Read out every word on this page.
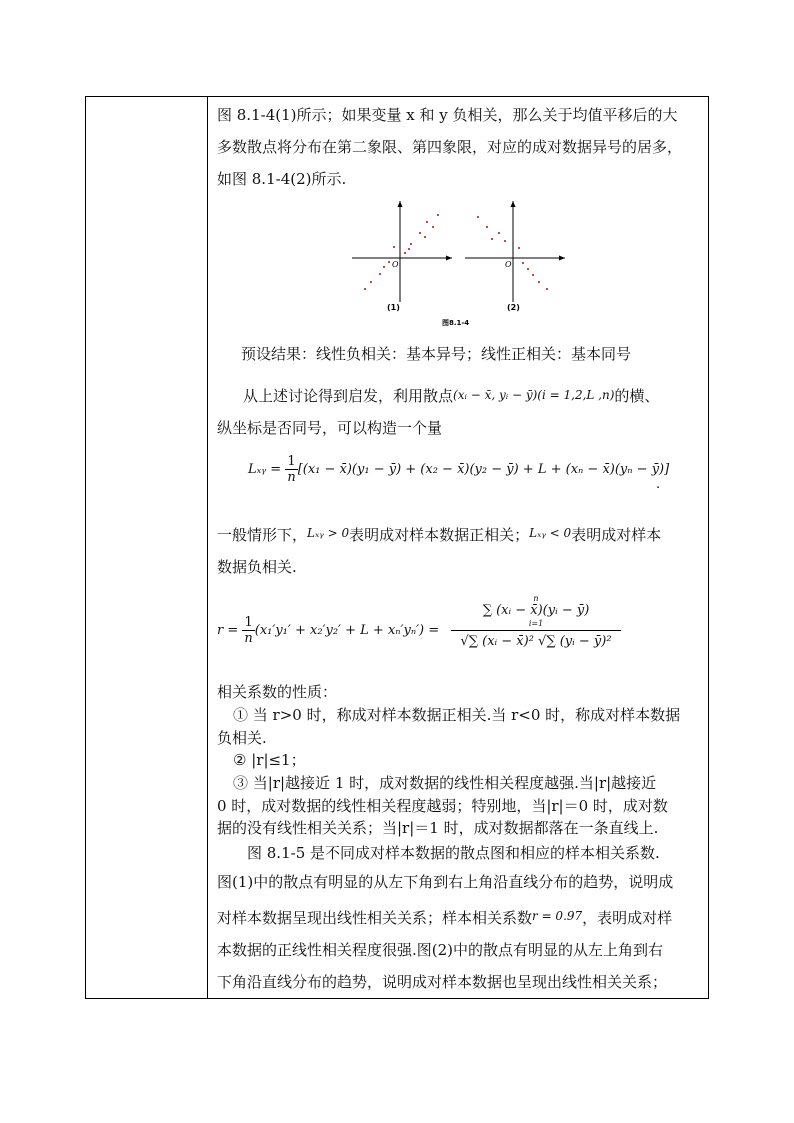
图 8.1-4(1)所示；如果变量 x 和 y 负相关，那么关于均值平移后的大
多数散点将分布在第二象限、第四象限，对应的成对数据异号的居多，
如图 8.1-4(2)所示.
O
(1)
O
(2)
图8.1-4
预设结果：线性负相关：基本异号；线性正相关：基本同号
从上述讨论得到启发，利用散点(xᵢ − x̄, yᵢ − ȳ)(i = 1,2,L ,n)的横、
纵坐标是否同号，可以构造一个量
Lₓᵧ = $\frac{1}{n} [(x_1$ − x̄)(y₁ − ȳ) + (x₂ − x̄)(y₂ − ȳ) + L + (xₙ − x̄)(yₙ − ȳ)]
.
一般情形下，$^{L_xᵧ > 0}$表明成对样本数据正相关；$^{L_xᵧ < 0}$表明成对样本
数据负相关.
$r = \frac{1}{n} (x_1'y_1' + x_2'y_2' + L + x_n'y_n')$ =
n
∑ (xᵢ − x̄)(yᵢ − ȳ)
i=1
√∑ (xᵢ − x̄)² √∑ (yᵢ − ȳ)²
相关系数的性质：
① 当 r>0 时，称成对样本数据正相关.当 r<0 时，称成对样本数据
负相关.
② |r|≤1；
③ 当|r|越接近 1 时，成对数据的线性相关程度越强.当|r|越接近
0 时，成对数据的线性相关程度越弱；特别地，当|r|＝0 时，成对数
据的没有线性相关关系；当|r|＝1 时，成对数据都落在一条直线上.
图 8.1-5 是不同成对样本数据的散点图和相应的样本相关系数.
图(1)中的散点有明显的从左下角到右上角沿直线分布的趋势，说明成
对样本数据呈现出线性相关关系；样本相关系数$^{r = 0.97}$，表明成对样
本数据的正线性相关程度很强.图(2)中的散点有明显的从左上角到右
下角沿直线分布的趋势，说明成对样本数据也呈现出线性相关关系；
